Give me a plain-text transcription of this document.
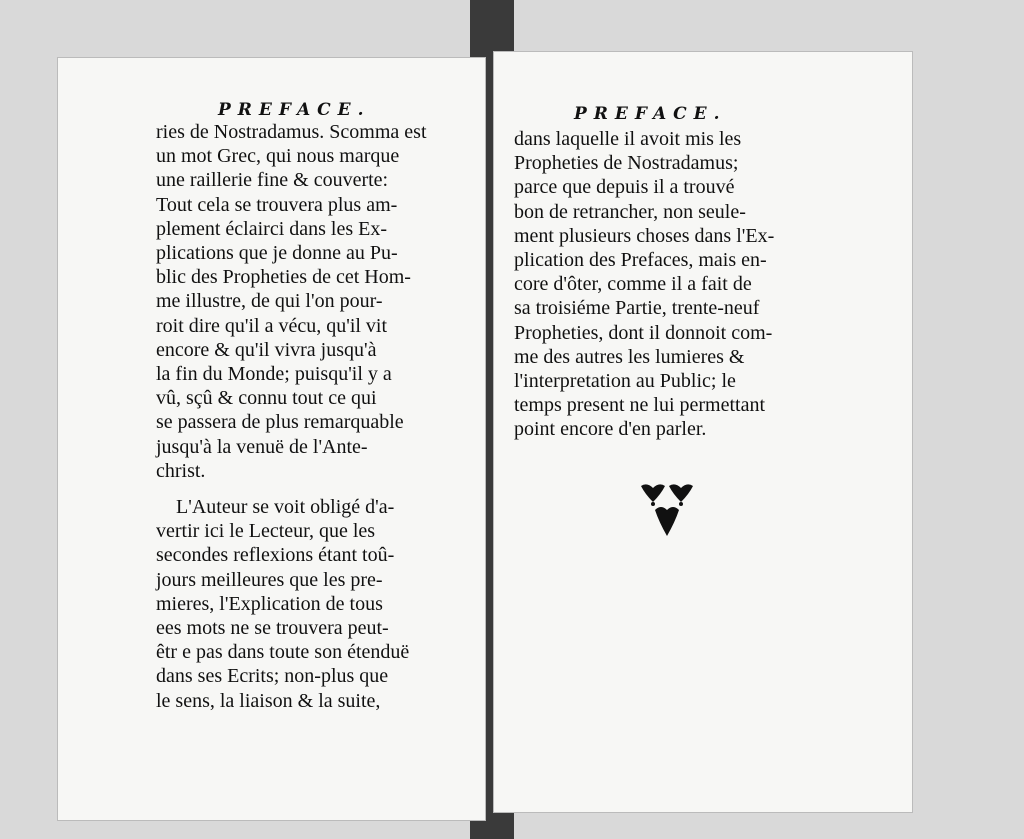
PREFACE.
ries de Nostradamus. Scomma est
un mot Grec, qui nous marque
une raillerie fine & couverte:
Tout cela se trouvera plus am-
plement éclairci dans les Ex-
plications que je donne au Pu-
blic des Propheties de cet Hom-
me illustre, de qui l'on pour-
roit dire qu'il a vécu, qu'il vit
encore & qu'il vivra jusqu'à
la fin du Monde; puisqu'il y a
vû, sçû & connu tout ce qui
se passera de plus remarquable
jusqu'à la venuë de l'Ante-
christ.
L'Auteur se voit obligé d'a-
vertir ici le Lecteur, que les
secondes reflexions étant toû-
jours meilleures que les pre-
mieres, l'Explication de tous
ees mots ne se trouvera peut-
êtr e pas dans toute son étenduë
dans ses Ecrits; non-plus que
le sens, la liaison & la suite,
PREFACE.
dans laquelle il avoit mis les
Propheties de Nostradamus;
parce que depuis il a trouvé
bon de retrancher, non seule-
ment plusieurs choses dans l'Ex-
plication des Prefaces, mais en-
core d'ôter, comme il a fait de
sa troisiéme Partie, trente-neuf
Propheties, dont il donnoit com-
me des autres les lumieres &
l'interpretation au Public; le
temps present ne lui permettant
point encore d'en parler.
